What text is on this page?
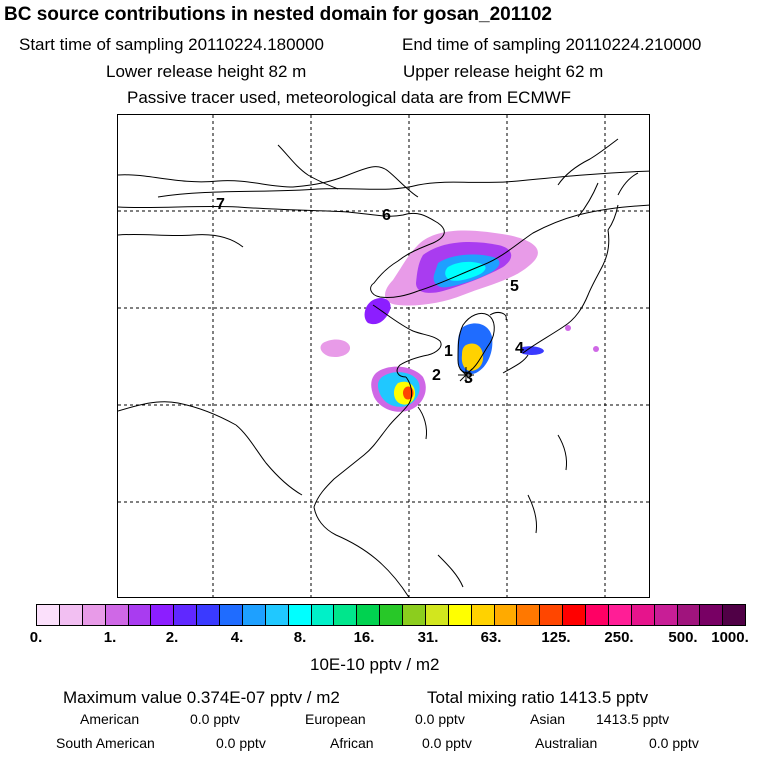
BC source contributions in nested domain for gosan_201102
Start time of sampling 20110224.180000	End time of sampling 20110224.210000
Lower release height 82 m	Upper release height 62 m
Passive tracer used, meteorological data are from ECMWF
1
2 3
4
5
6
7
0.	1.	2.	4.	8.	16.	31.	63.	125. 250. 500. 1000.
10E-10 pptv / m2
Maximum value 0.374E-07 pptv / m2	Total mixing ratio 1413.5 pptv
American	0.0 pptv	European	0.0 pptv	Asian 1413.5 pptv
South American	0.0 pptv	African	0.0 pptv	Australian	0.0 pptv
